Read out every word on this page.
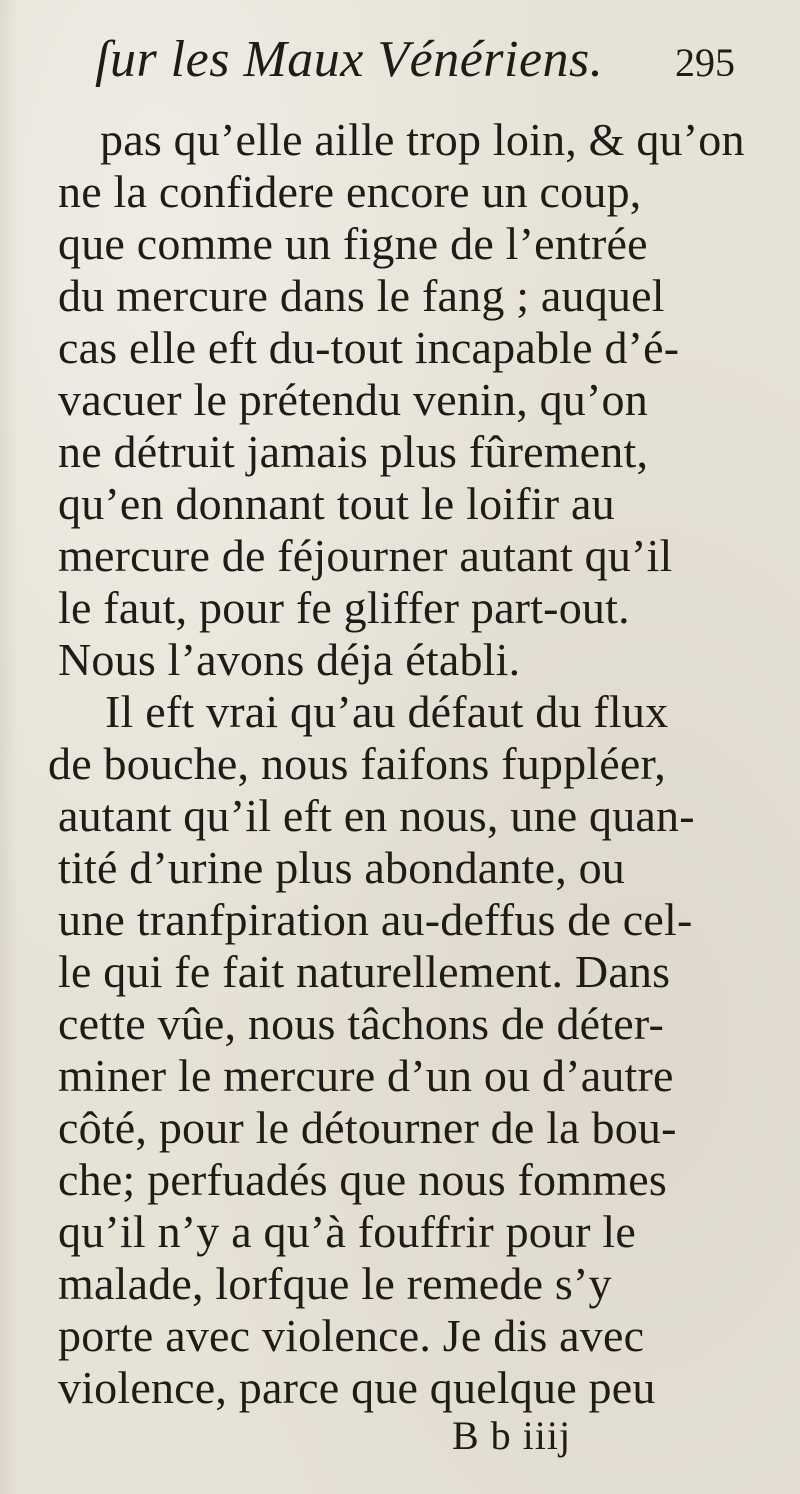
ſur les Maux Vénériens. 295
pas qu’elle aille trop loin, & qu’on
ne la confidere encore un coup,
que comme un figne de l’entrée
du mercure dans le fang ; auquel
cas elle eft du-tout incapable d’é-
vacuer le prétendu venin, qu’on
ne détruit jamais plus fûrement,
qu’en donnant tout le loifir au
mercure de féjourner autant qu’il
le faut, pour fe gliffer part-out.
Nous l’avons déja établi.
Il eft vrai qu’au défaut du flux
de bouche, nous faifons fuppléer,
autant qu’il eft en nous, une quan-
tité d’urine plus abondante, ou
une tranfpiration au-deffus de cel-
le qui fe fait naturellement. Dans
cette vûe, nous tâchons de déter-
miner le mercure d’un ou d’autre
côté, pour le détourner de la bou-
che; perfuadés que nous fommes
qu’il n’y a qu’à fouffrir pour le
malade, lorfque le remede s’y
porte avec violence. Je dis avec
violence, parce que quelque peu
B b iiij
